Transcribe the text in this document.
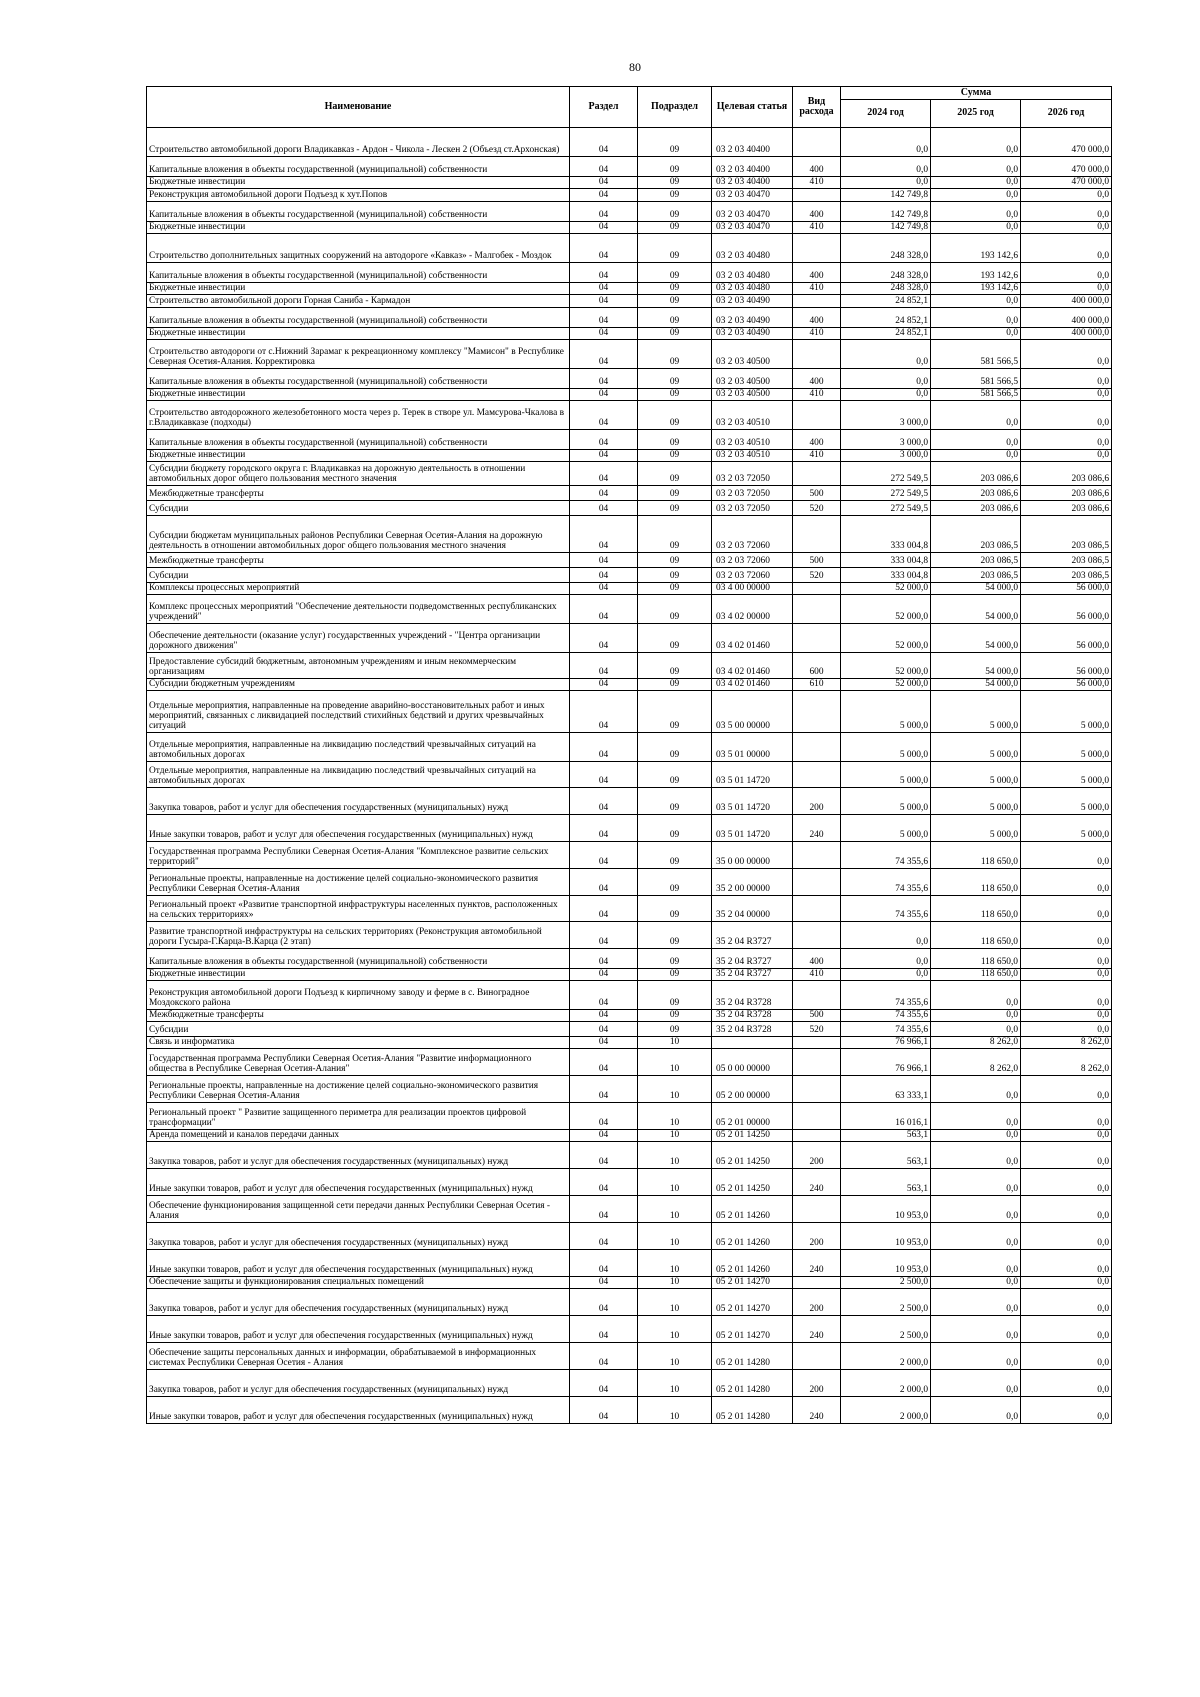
80
Наименование	Раздел	Подраздел	Целевая статья	Вид расхода	Сумма		
					2024 год	2025 год	2026 год
Строительство автомобильной дороги Владикавказ - Ардон - Чикола - Лескен 2 (Объезд ст.Архонская)	04	09	03 2 03 40400		0,0	0,0	470 000,0
Капитальные вложения в объекты государственной (муниципальной) собственности	04	09	03 2 03 40400	400	0,0	0,0	470 000,0
Бюджетные инвестиции	04	09	03 2 03 40400	410	0,0	0,0	470 000,0
Реконструкция автомобильной дороги Подъезд к хут.Попов	04	09	03 2 03 40470		142 749,8	0,0	0,0
Капитальные вложения в объекты государственной (муниципальной) собственности	04	09	03 2 03 40470	400	142 749,8	0,0	0,0
Бюджетные инвестиции	04	09	03 2 03 40470	410	142 749,8	0,0	0,0
Строительство дополнительных защитных сооружений на автодороге «Кавказ» - Малгобек - Моздок	04	09	03 2 03 40480		248 328,0	193 142,6	0,0
Капитальные вложения в объекты государственной (муниципальной) собственности	04	09	03 2 03 40480	400	248 328,0	193 142,6	0,0
Бюджетные инвестиции	04	09	03 2 03 40480	410	248 328,0	193 142,6	0,0
Строительство автомобильной дороги Горная Саниба - Кармадон	04	09	03 2 03 40490		24 852,1	0,0	400 000,0
Капитальные вложения в объекты государственной (муниципальной) собственности	04	09	03 2 03 40490	400	24 852,1	0,0	400 000,0
Бюджетные инвестиции	04	09	03 2 03 40490	410	24 852,1	0,0	400 000,0
Строительство автодороги от с.Нижний Зарамаг к рекреационному комплексу "Мамисон" в Республике Северная Осетия-Алания. Корректировка	04	09	03 2 03 40500		0,0	581 566,5	0,0
Капитальные вложения в объекты государственной (муниципальной) собственности	04	09	03 2 03 40500	400	0,0	581 566,5	0,0
Бюджетные инвестиции	04	09	03 2 03 40500	410	0,0	581 566,5	0,0
Строительство автодорожного железобетонного моста через р. Терек в створе ул. Мамсурова-Чкалова в г.Владикавказе (подходы)	04	09	03 2 03 40510		3 000,0	0,0	0,0
Капитальные вложения в объекты государственной (муниципальной) собственности	04	09	03 2 03 40510	400	3 000,0	0,0	0,0
Бюджетные инвестиции	04	09	03 2 03 40510	410	3 000,0	0,0	0,0
Субсидии бюджету городского округа г. Владикавказ на дорожную деятельность в отношении автомобильных дорог общего пользования местного значения	04	09	03 2 03 72050		272 549,5	203 086,6	203 086,6
Межбюджетные трансферты	04	09	03 2 03 72050	500	272 549,5	203 086,6	203 086,6
Субсидии	04	09	03 2 03 72050	520	272 549,5	203 086,6	203 086,6
Субсидии бюджетам муниципальных районов Республики Северная Осетия-Алания на дорожную деятельность в отношении автомобильных дорог общего пользования местного значения	04	09	03 2 03 72060		333 004,8	203 086,5	203 086,5
Межбюджетные трансферты	04	09	03 2 03 72060	500	333 004,8	203 086,5	203 086,5
Субсидии	04	09	03 2 03 72060	520	333 004,8	203 086,5	203 086,5
Комплексы процессных мероприятий	04	09	03 4 00 00000		52 000,0	54 000,0	56 000,0
Комплекс процессных мероприятий "Обеспечение деятельности подведомственных республиканских учреждений"	04	09	03 4 02 00000		52 000,0	54 000,0	56 000,0
Обеспечение деятельности (оказание услуг) государственных учреждений - "Центра организации дорожного движения"	04	09	03 4 02 01460		52 000,0	54 000,0	56 000,0
Предоставление субсидий бюджетным, автономным учреждениям и иным некоммерческим организациям	04	09	03 4 02 01460	600	52 000,0	54 000,0	56 000,0
Субсидии бюджетным учреждениям	04	09	03 4 02 01460	610	52 000,0	54 000,0	56 000,0
Отдельные мероприятия, направленные на проведение аварийно-восстановительных работ и иных мероприятий, связанных с ликвидацией последствий стихийных бедствий и других чрезвычайных ситуаций	04	09	03 5 00 00000		5 000,0	5 000,0	5 000,0
Отдельные мероприятия, направленные на ликвидацию последствий чрезвычайных ситуаций на автомобильных дорогах	04	09	03 5 01 00000		5 000,0	5 000,0	5 000,0
Отдельные мероприятия, направленные на ликвидацию последствий чрезвычайных ситуаций на автомобильных дорогах	04	09	03 5 01 14720		5 000,0	5 000,0	5 000,0
Закупка товаров, работ и услуг для обеспечения государственных (муниципальных) нужд	04	09	03 5 01 14720	200	5 000,0	5 000,0	5 000,0
Иные закупки товаров, работ и услуг для обеспечения государственных (муниципальных) нужд	04	09	03 5 01 14720	240	5 000,0	5 000,0	5 000,0
Государственная программа Республики Северная Осетия-Алания "Комплексное развитие сельских территорий"	04	09	35 0 00 00000		74 355,6	118 650,0	0,0
Региональные проекты, направленные на достижение целей социально-экономического развития Республики Северная Осетия-Алания	04	09	35 2 00 00000		74 355,6	118 650,0	0,0
Региональный проект «Развитие транспортной инфраструктуры населенных пунктов, расположенных на сельских территориях»	04	09	35 2 04 00000		74 355,6	118 650,0	0,0
Развитие транспортной инфраструктуры на сельских территориях (Реконструкция автомобильной дороги Гусыра-Г.Карца-В.Карца (2 этап)	04	09	35 2 04 R3727		0,0	118 650,0	0,0
Капитальные вложения в объекты государственной (муниципальной) собственности	04	09	35 2 04 R3727	400	0,0	118 650,0	0,0
Бюджетные инвестиции	04	09	35 2 04 R3727	410	0,0	118 650,0	0,0
Реконструкция автомобильной дороги Подъезд к кирпичному заводу и ферме в с. Виноградное Моздокского района	04	09	35 2 04 R3728		74 355,6	0,0	0,0
Межбюджетные трансферты	04	09	35 2 04 R3728	500	74 355,6	0,0	0,0
Субсидии	04	09	35 2 04 R3728	520	74 355,6	0,0	0,0
Связь и информатика	04	10			76 966,1	8 262,0	8 262,0
Государственная программа Республики Северная Осетия-Алания "Развитие информационного общества в Республике Северная Осетия-Алания"	04	10	05 0 00 00000		76 966,1	8 262,0	8 262,0
Региональные проекты, направленные на достижение целей социально-экономического развития Республики Северная Осетия-Алания	04	10	05 2 00 00000		63 333,1	0,0	0,0
Региональный проект " Развитие защищенного периметра для реализации проектов цифровой трансформации"	04	10	05 2 01 00000		16 016,1	0,0	0,0
Аренда помещений и каналов передачи данных	04	10	05 2 01 14250		563,1	0,0	0,0
Закупка товаров, работ и услуг для обеспечения государственных (муниципальных) нужд	04	10	05 2 01 14250	200	563,1	0,0	0,0
Иные закупки товаров, работ и услуг для обеспечения государственных (муниципальных) нужд	04	10	05 2 01 14250	240	563,1	0,0	0,0
Обеспечение функционирования защищенной сети передачи данных Республики Северная Осетия - Алания	04	10	05 2 01 14260		10 953,0	0,0	0,0
Закупка товаров, работ и услуг для обеспечения государственных (муниципальных) нужд	04	10	05 2 01 14260	200	10 953,0	0,0	0,0
Иные закупки товаров, работ и услуг для обеспечения государственных (муниципальных) нужд	04	10	05 2 01 14260	240	10 953,0	0,0	0,0
Обеспечение защиты и функционирования специальных помещений	04	10	05 2 01 14270		2 500,0	0,0	0,0
Закупка товаров, работ и услуг для обеспечения государственных (муниципальных) нужд	04	10	05 2 01 14270	200	2 500,0	0,0	0,0
Иные закупки товаров, работ и услуг для обеспечения государственных (муниципальных) нужд	04	10	05 2 01 14270	240	2 500,0	0,0	0,0
Обеспечение защиты персональных данных и информации, обрабатываемой в информационных системах Республики Северная Осетия - Алания	04	10	05 2 01 14280		2 000,0	0,0	0,0
Закупка товаров, работ и услуг для обеспечения государственных (муниципальных) нужд	04	10	05 2 01 14280	200	2 000,0	0,0	0,0
Иные закупки товаров, работ и услуг для обеспечения государственных (муниципальных) нужд	04	10	05 2 01 14280	240	2 000,0	0,0	0,0
